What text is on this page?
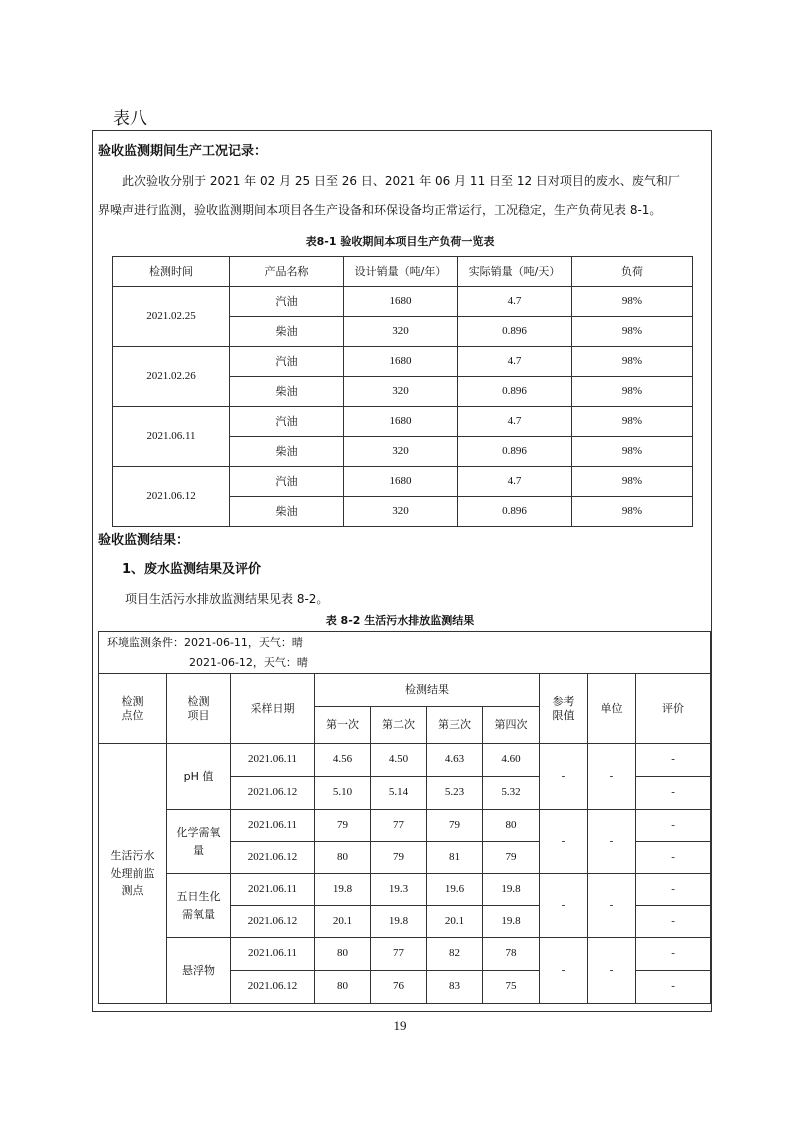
表八
验收监测期间生产工况记录：
此次验收分别于 2021 年 02 月 25 日至 26 日、2021 年 06 月 11 日至 12 日对项目的废水、废气和厂
界噪声进行监测，验收监测期间本项目各生产设备和环保设备均正常运行，工况稳定，生产负荷见表 8-1。
表8-1 验收期间本项目生产负荷一览表
检测时间	产品名称	设计销量（吨/年）	实际销量（吨/天）	负荷
2021.02.25	汽油	1680	4.7	98%
	柴油	320	0.896	98%
2021.02.26	汽油	1680	4.7	98%
	柴油	320	0.896	98%
2021.06.11	汽油	1680	4.7	98%
	柴油	320	0.896	98%
2021.06.12	汽油	1680	4.7	98%
	柴油	320	0.896	98%
验收监测结果：
1、废水监测结果及评价
项目生活污水排放监测结果见表 8-2。
表 8-2 生活污水排放监测结果
环境监测条件：2021-06-11，天气：晴
2021-06-12，天气：晴									

检测
点位	检测
项目	采样日期	检测结果				参考
限值	单位	评价
			第一次	第二次	第三次	第四次			
生活污水
处理前监
测点	pH 值	2021.06.11	4.56	4.50	4.63	4.60	-	-	-
		2021.06.12	5.10	5.14	5.23	5.32			-
	化学需氧
量	2021.06.11	79	77	79	80	-	-	-
		2021.06.12	80	79	81	79			-
	五日生化
需氧量	2021.06.11	19.8	19.3	19.6	19.8	-	-	-
		2021.06.12	20.1	19.8	20.1	19.8			-
	悬浮物	2021.06.11	80	77	82	78	-	-	-
		2021.06.12	80	76	83	75			-
19
